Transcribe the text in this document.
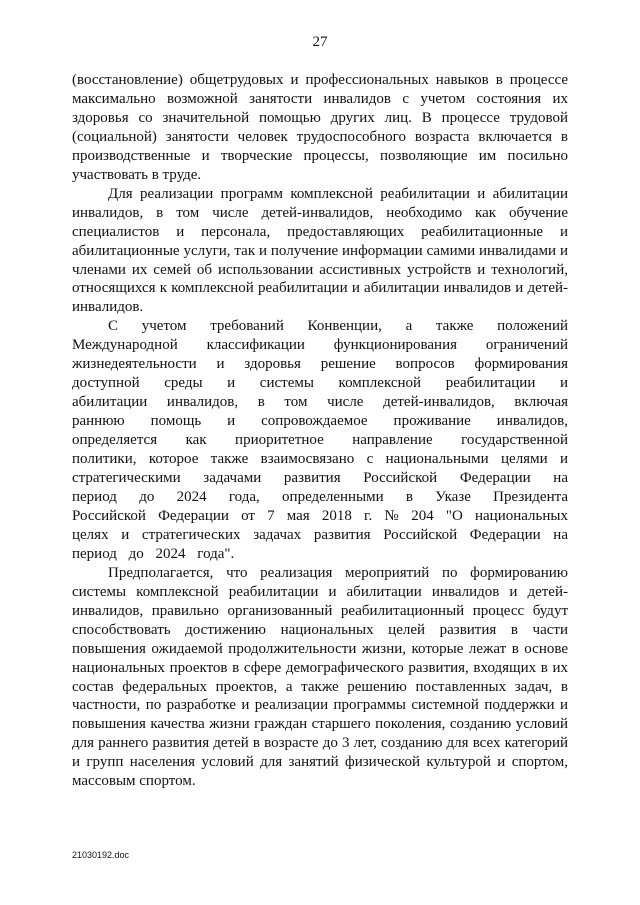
27

(восстановление) общетрудовых и профессиональных навыков в процессе максимально возможной занятости инвалидов с учетом состояния их здоровья со значительной помощью других лиц. В процессе трудовой (социальной) занятости человек трудоспособного возраста включается в производственные и творческие процессы, позволяющие им посильно участвовать в труде.

Для реализации программ комплексной реабилитации и абилитации инвалидов, в том числе детей-инвалидов, необходимо как обучение специалистов и персонала, предоставляющих реабилитационные и абилитационные услуги, так и получение информации самими инвалидами и членами их семей об использовании ассистивных устройств и технологий, относящихся к комплексной реабилитации и абилитации инвалидов и детей-инвалидов.

С учетом требований Конвенции, а также положений Международной классификации функционирования ограничений жизнедеятельности и здоровья решение вопросов формирования доступной среды и системы комплексной реабилитации и абилитации инвалидов, в том числе детей-инвалидов, включая раннюю помощь и сопровождаемое проживание инвалидов, определяется как приоритетное направление государственной политики, которое также взаимосвязано с национальными целями и стратегическими задачами развития Российской Федерации на период до 2024 года, определенными в Указе Президента Российской Федерации от 7 мая 2018 г. № 204 "О национальных целях и стратегических задачах развития Российской Федерации на период до 2024 года".

Предполагается, что реализация мероприятий по формированию системы комплексной реабилитации и абилитации инвалидов и детей-инвалидов, правильно организованный реабилитационный процесс будут способствовать достижению национальных целей развития в части повышения ожидаемой продолжительности жизни, которые лежат в основе национальных проектов в сфере демографического развития, входящих в их состав федеральных проектов, а также решению поставленных задач, в частности, по разработке и реализации программы системной поддержки и повышения качества жизни граждан старшего поколения, созданию условий для раннего развития детей в возрасте до 3 лет, созданию для всех категорий и групп населения условий для занятий физической культурой и спортом, массовым спортом.

21030192.doc
